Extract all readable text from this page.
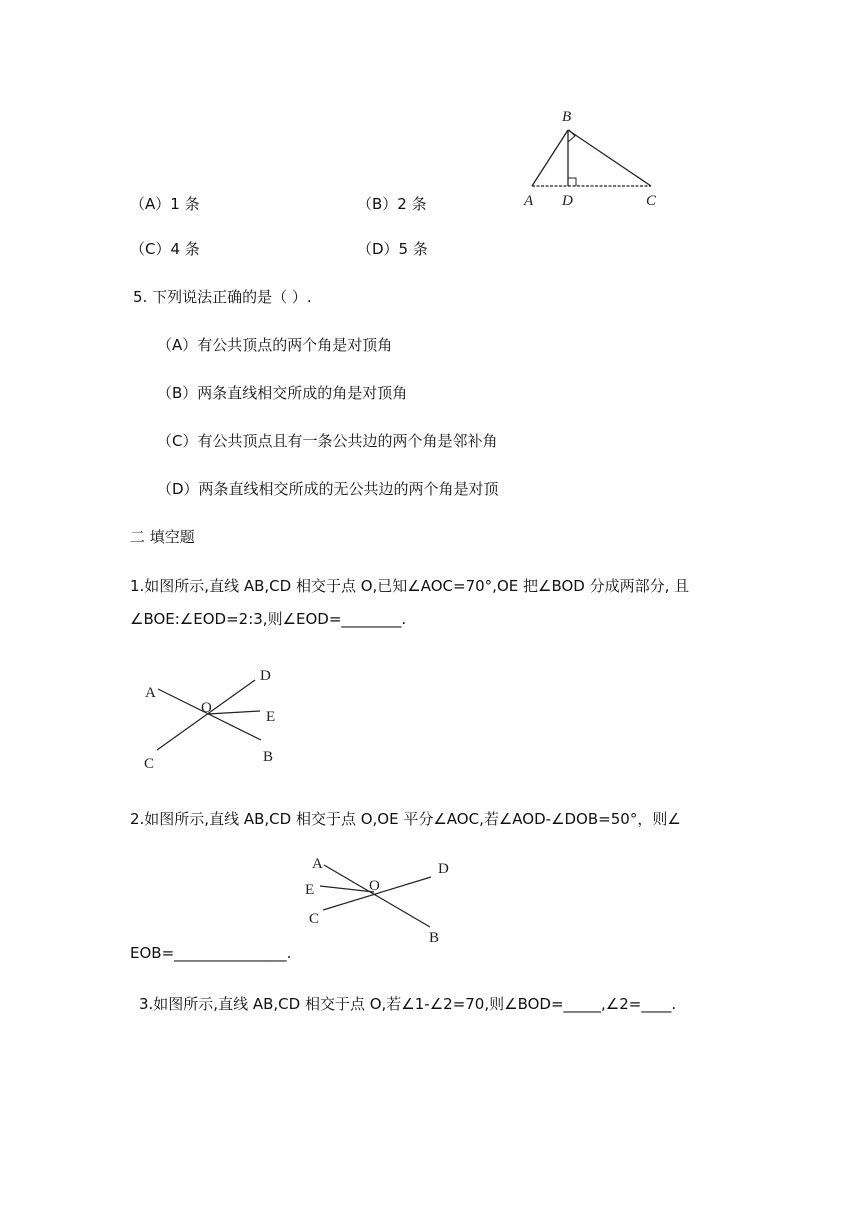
（A）1 条	（B）2 条
（C）4 条	（D）5 条
B
A D	C
5. 下列说法正确的是（ ）.
（A）有公共顶点的两个角是对顶角
（B）两条直线相交所成的角是对顶角
（C）有公共顶点且有一条公共边的两个角是邻补角
（D）两条直线相交所成的无公共边的两个角是对顶
二 填空题
1.如图所示,直线 AB,CD 相交于点 O,已知∠AOC=70°,OE 把∠BOD 分成两部分, 且
∠BOE:∠EOD=2:3,则∠EOD=________.
A
O
D
E
C	B
2.如图所示,直线 AB,CD 相交于点 O,OE 平分∠AOC,若∠AOD-∠DOB=50°，则∠
A
E	O
C
D
B
EOB=_______________.
3.如图所示,直线 AB,CD 相交于点 O,若∠1-∠2=70,则∠BOD=_____,∠2=____.
